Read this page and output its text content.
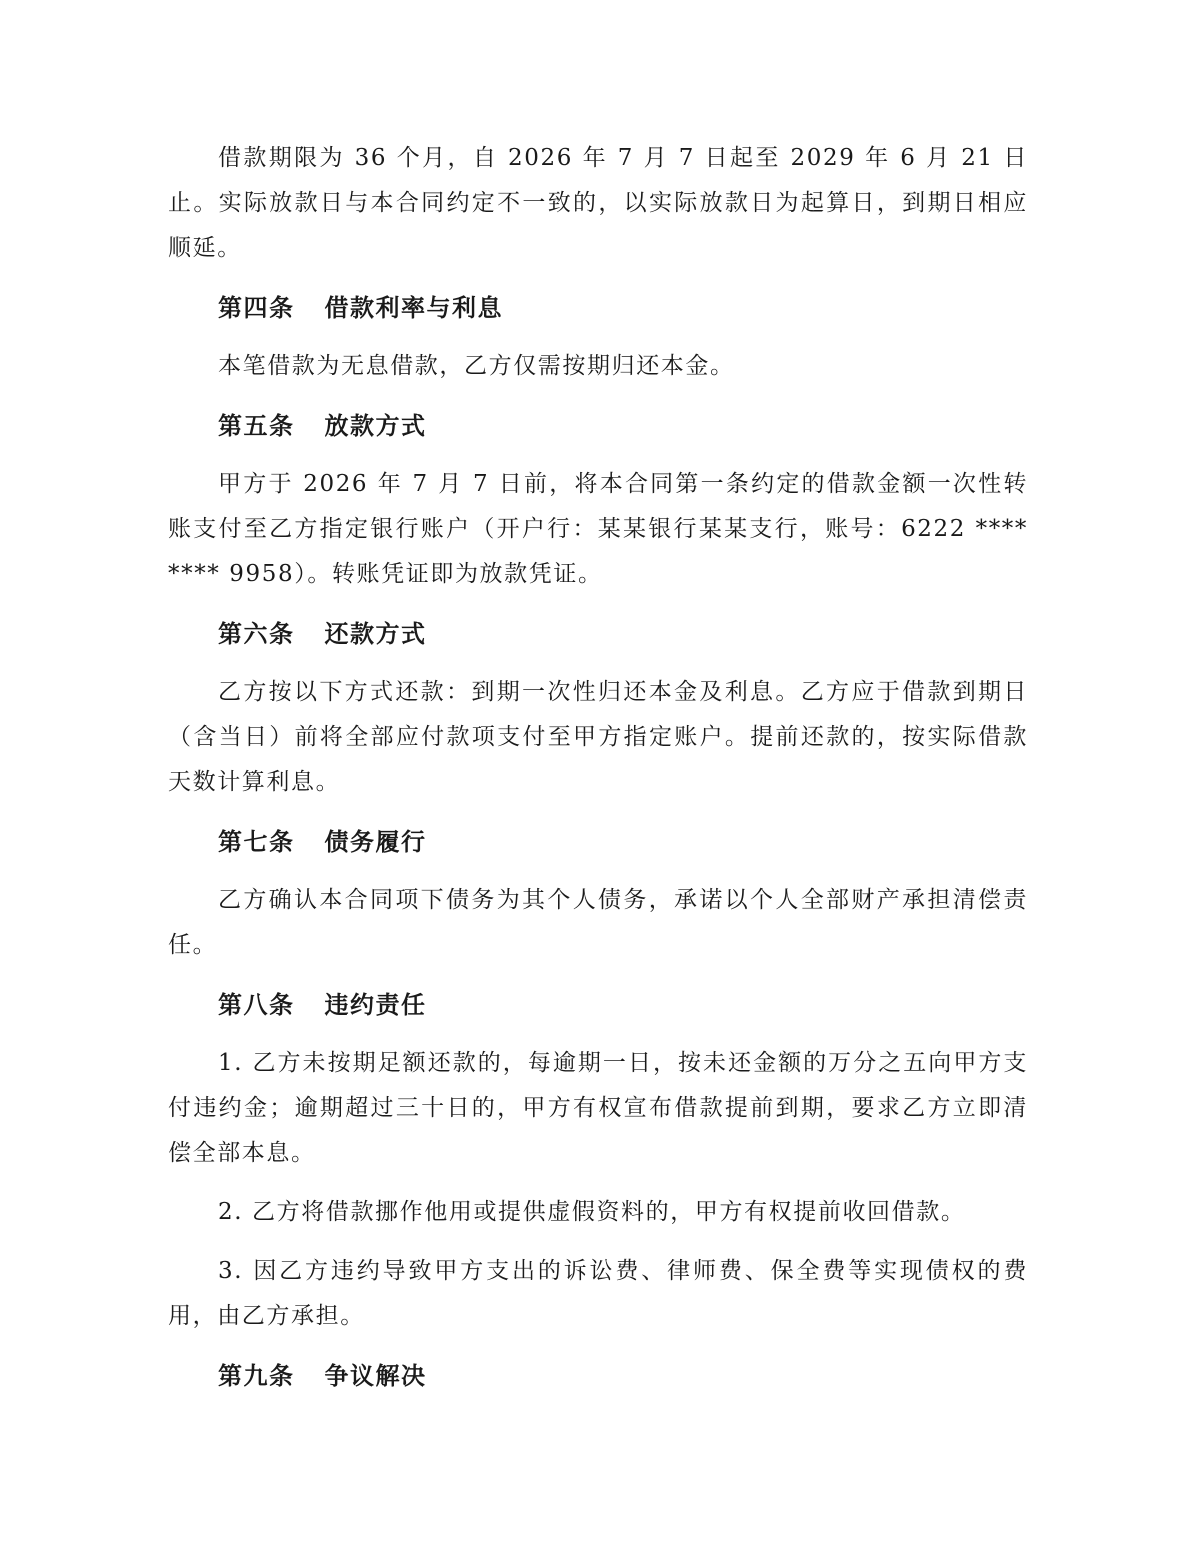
借款期限为 36 个月，自 2026 年 7 月 7 日起至 2029 年 6 月 21 日止。实际放款日与本合同约定不一致的，以实际放款日为起算日，到期日相应顺延。

第四条 借款利率与利息

本笔借款为无息借款，乙方仅需按期归还本金。

第五条 放款方式

甲方于 2026 年 7 月 7 日前，将本合同第一条约定的借款金额一次性转账支付至乙方指定银行账户（开户行：某某银行某某支行，账号：6222 **** **** 9958）。转账凭证即为放款凭证。

第六条 还款方式

乙方按以下方式还款：到期一次性归还本金及利息。乙方应于借款到期日（含当日）前将全部应付款项支付至甲方指定账户。提前还款的，按实际借款天数计算利息。

第七条 债务履行

乙方确认本合同项下债务为其个人债务，承诺以个人全部财产承担清偿责任。

第八条 违约责任

1. 乙方未按期足额还款的，每逾期一日，按未还金额的万分之五向甲方支付违约金；逾期超过三十日的，甲方有权宣布借款提前到期，要求乙方立即清偿全部本息。

2. 乙方将借款挪作他用或提供虚假资料的，甲方有权提前收回借款。

3. 因乙方违约导致甲方支出的诉讼费、律师费、保全费等实现债权的费用，由乙方承担。

第九条 争议解决
